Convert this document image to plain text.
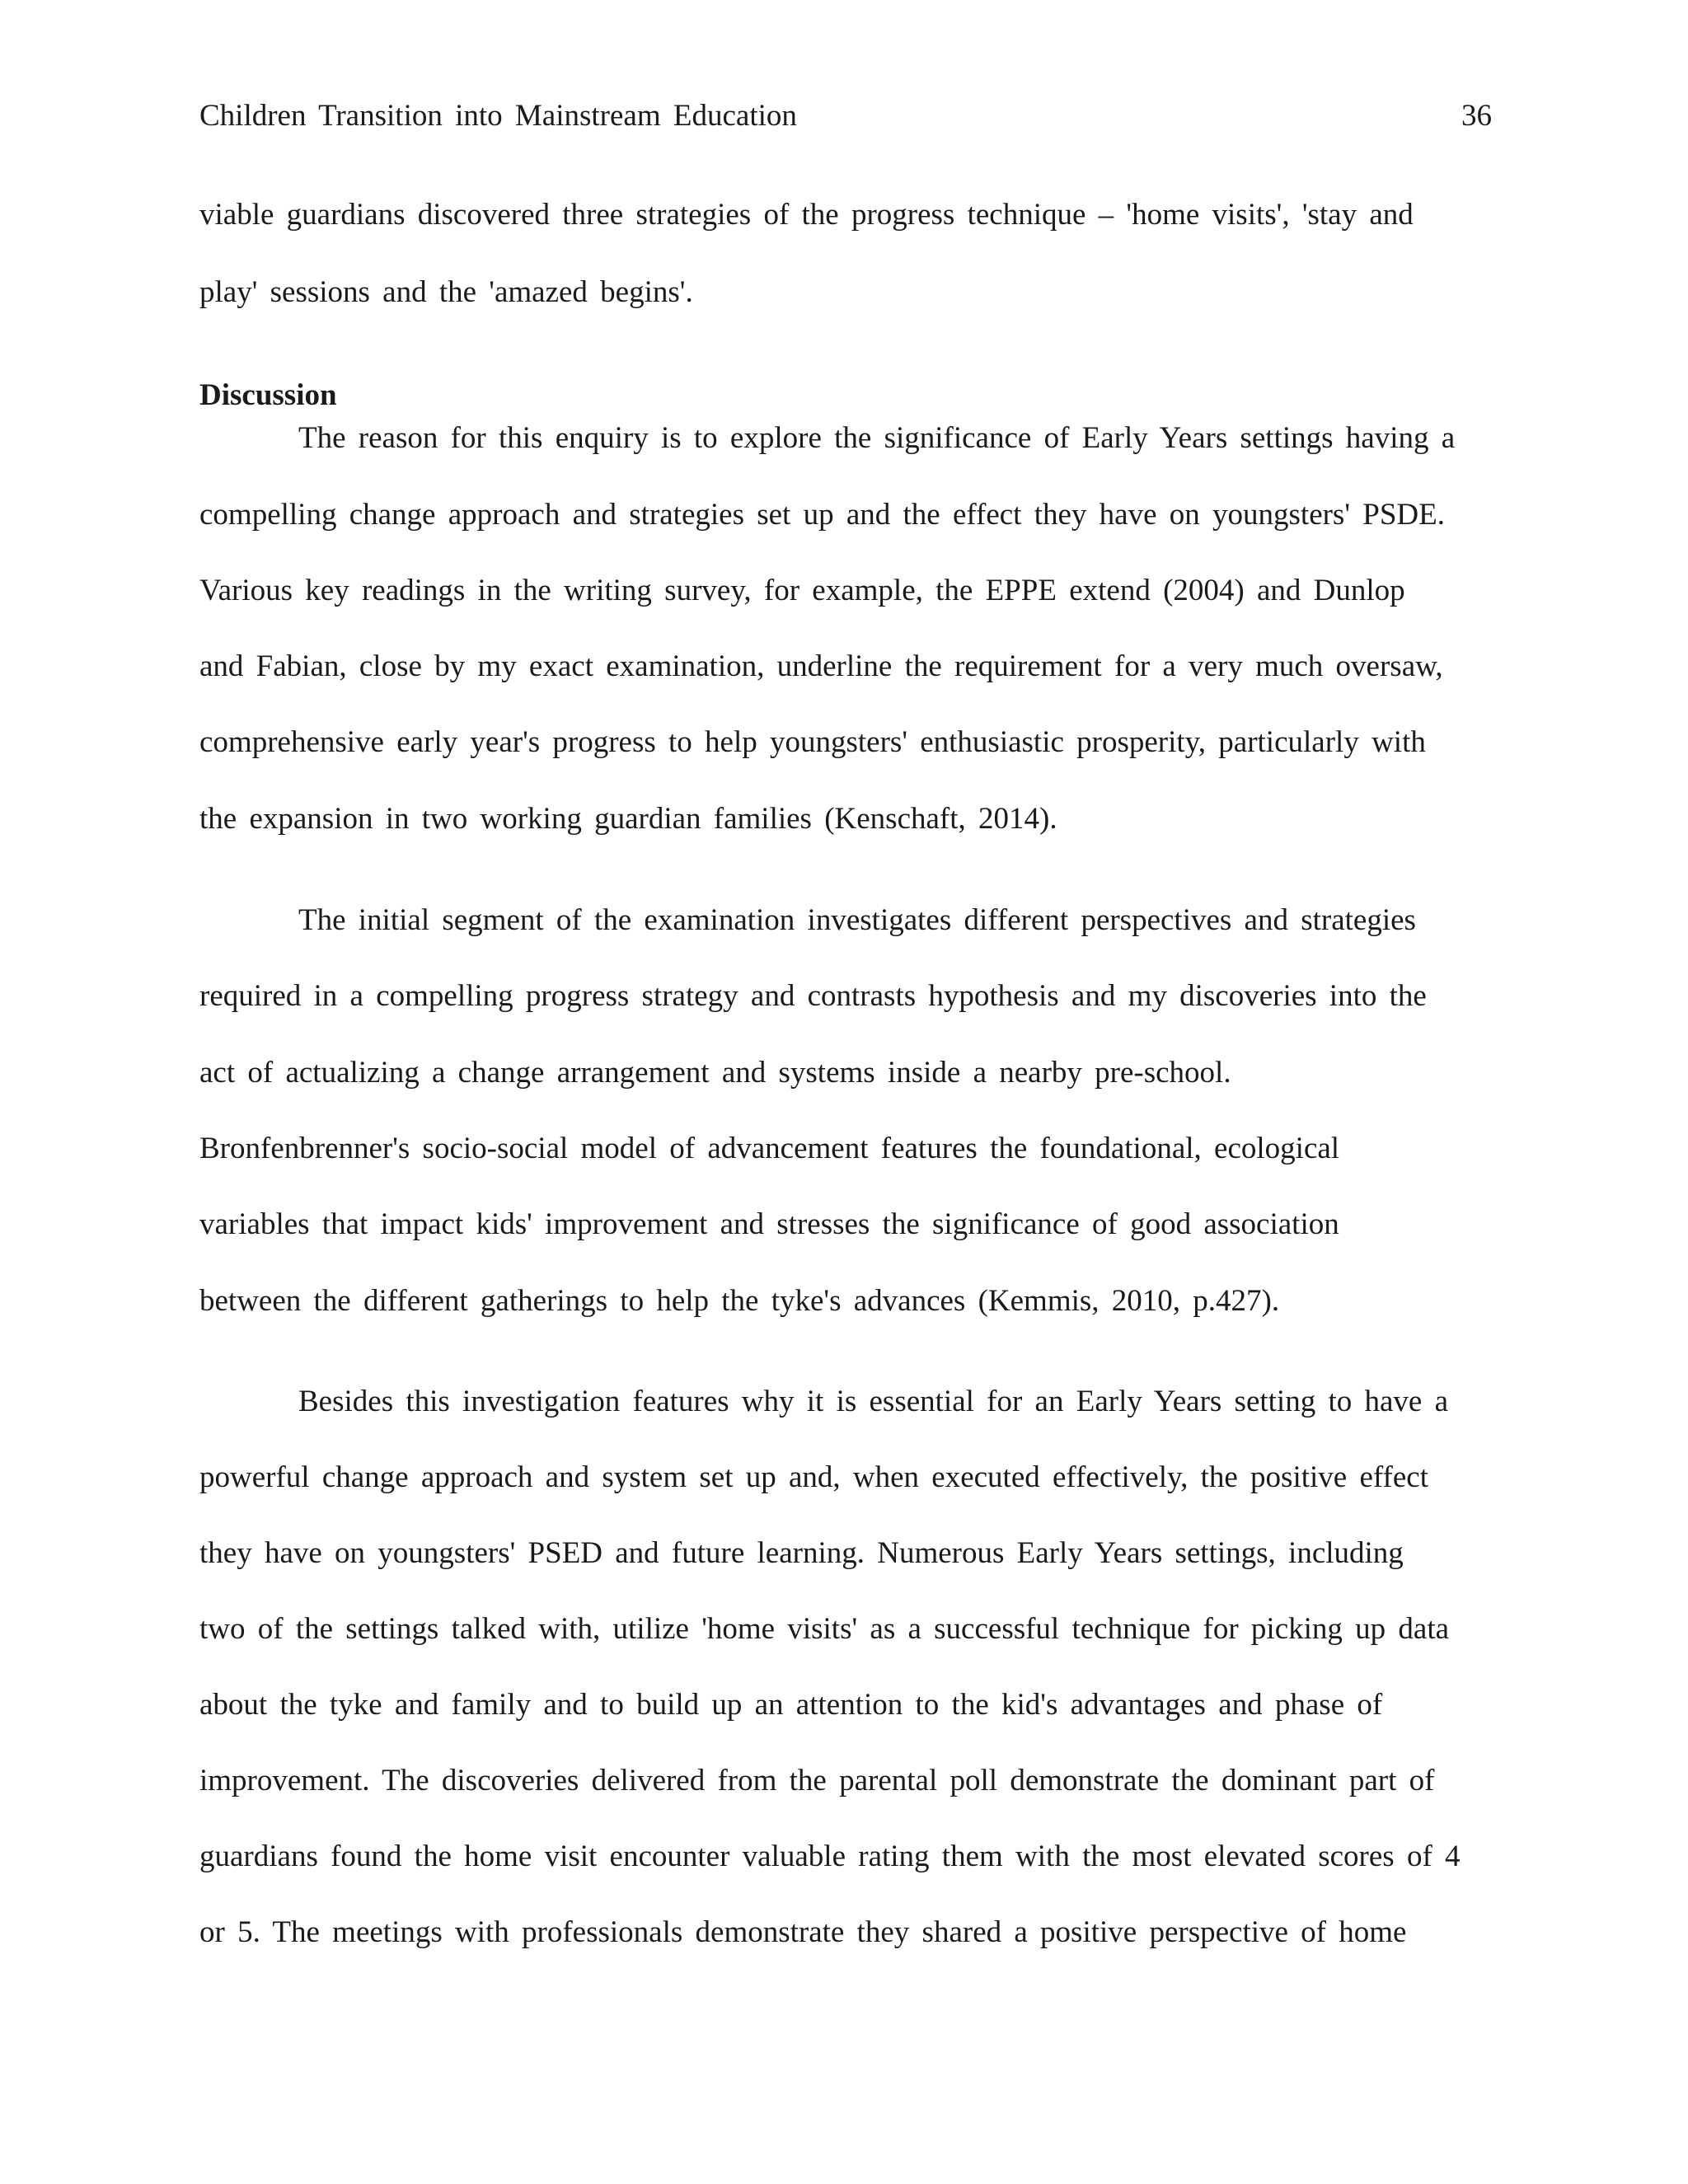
Children Transition into Mainstream Education	36
viable guardians discovered three strategies of the progress technique – 'home visits', 'stay and
play' sessions and the 'amazed begins'.
Discussion
The reason for this enquiry is to explore the significance of Early Years settings having a
compelling change approach and strategies set up and the effect they have on youngsters' PSDE.
Various key readings in the writing survey, for example, the EPPE extend (2004) and Dunlop
and Fabian, close by my exact examination, underline the requirement for a very much oversaw,
comprehensive early year's progress to help youngsters' enthusiastic prosperity, particularly with
the expansion in two working guardian families (Kenschaft, 2014).
The initial segment of the examination investigates different perspectives and strategies
required in a compelling progress strategy and contrasts hypothesis and my discoveries into the
act of actualizing a change arrangement and systems inside a nearby pre-school.
Bronfenbrenner's socio-social model of advancement features the foundational, ecological
variables that impact kids' improvement and stresses the significance of good association
between the different gatherings to help the tyke's advances (Kemmis, 2010, p.427).
Besides this investigation features why it is essential for an Early Years setting to have a
powerful change approach and system set up and, when executed effectively, the positive effect
they have on youngsters' PSED and future learning. Numerous Early Years settings, including
two of the settings talked with, utilize 'home visits' as a successful technique for picking up data
about the tyke and family and to build up an attention to the kid's advantages and phase of
improvement. The discoveries delivered from the parental poll demonstrate the dominant part of
guardians found the home visit encounter valuable rating them with the most elevated scores of 4
or 5. The meetings with professionals demonstrate they shared a positive perspective of home
